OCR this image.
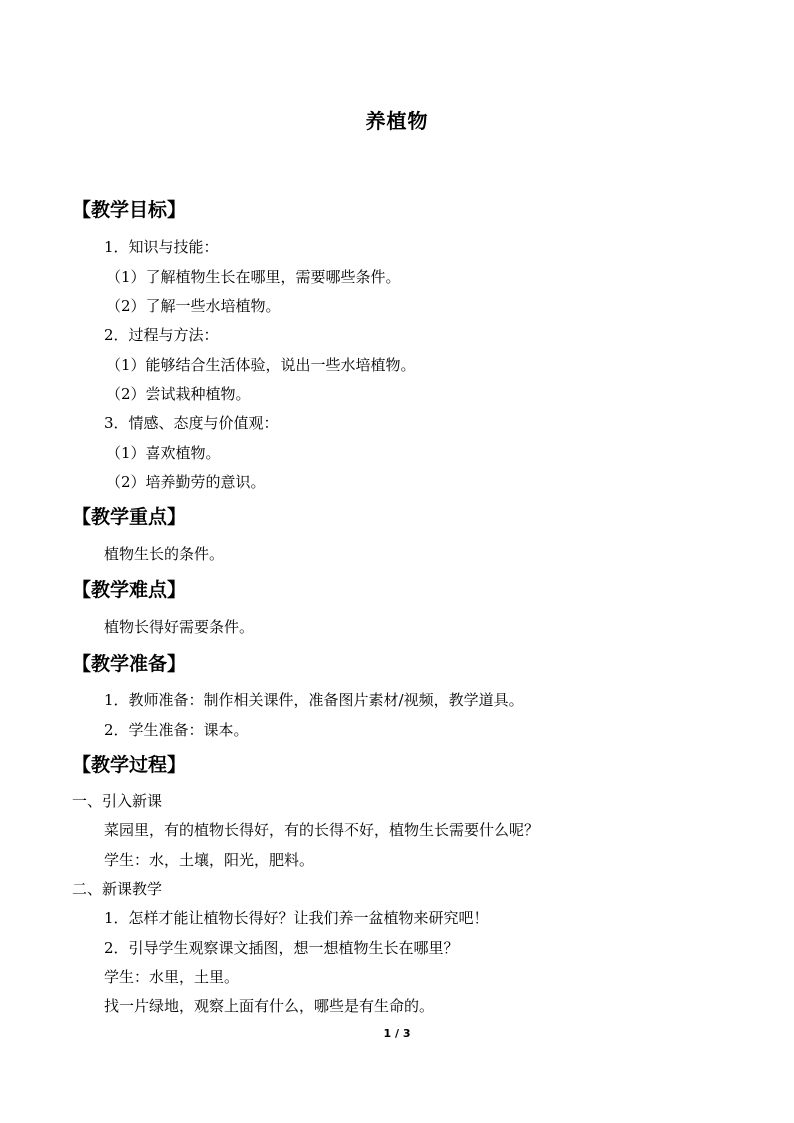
养植物
【教学目标】
1．知识与技能：
（1）了解植物生长在哪里，需要哪些条件。
（2）了解一些水培植物。
2．过程与方法：
（1）能够结合生活体验，说出一些水培植物。
（2）尝试栽种植物。
3．情感、态度与价值观：
（1）喜欢植物。
（2）培养勤劳的意识。
【教学重点】
植物生长的条件。
【教学难点】
植物长得好需要条件。
【教学准备】
1．教师准备：制作相关课件，准备图片素材/视频，教学道具。
2．学生准备：课本。
【教学过程】
一、引入新课
菜园里，有的植物长得好，有的长得不好，植物生长需要什么呢？
学生：水，土壤，阳光，肥料。
二、新课教学
1．怎样才能让植物长得好？让我们养一盆植物来研究吧！
2．引导学生观察课文插图，想一想植物生长在哪里？
学生：水里，土里。
找一片绿地，观察上面有什么，哪些是有生命的。
1 / 3
